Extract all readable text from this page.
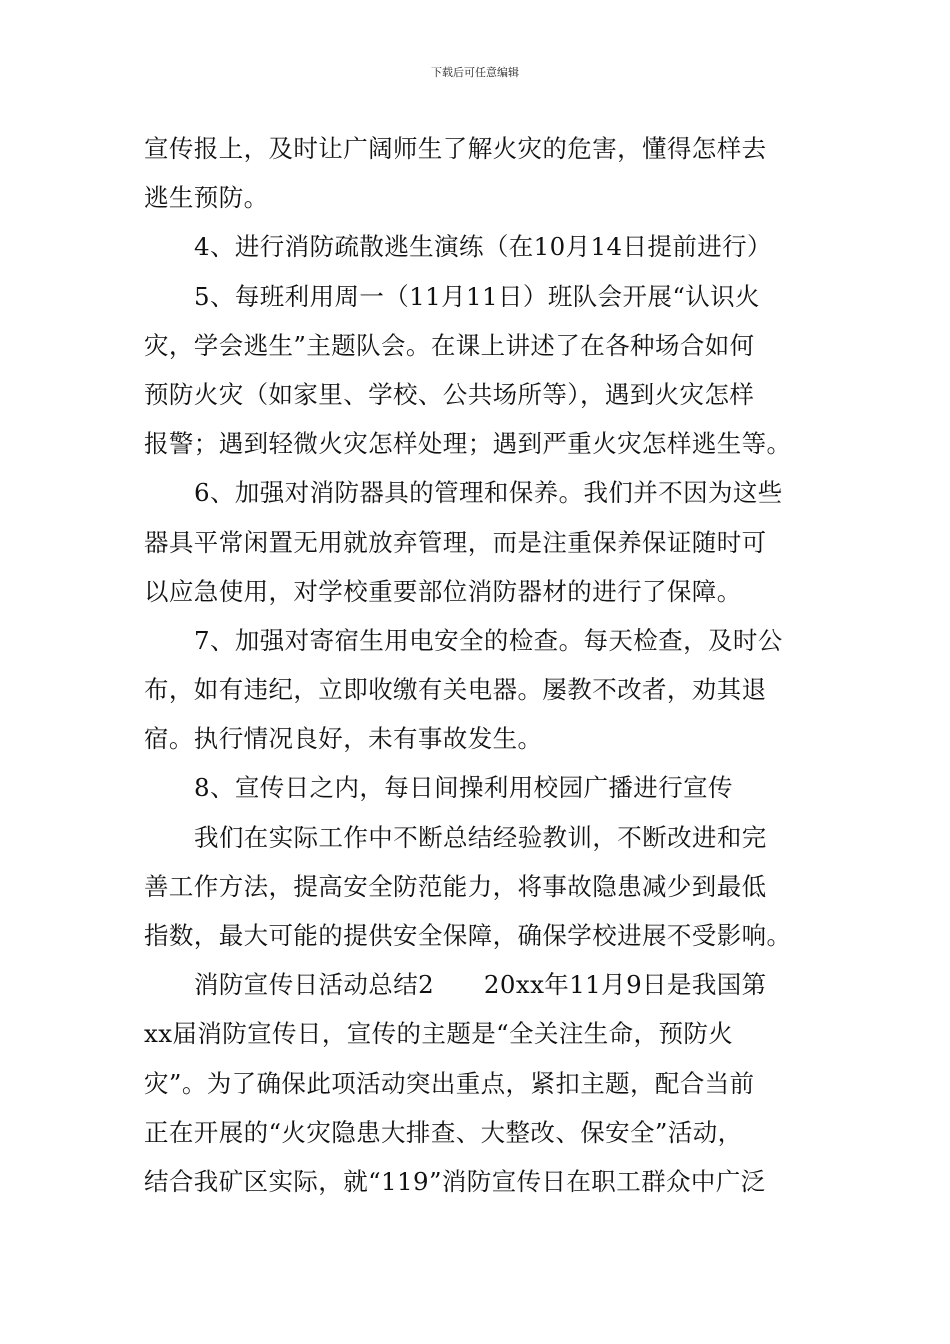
下载后可任意编辑
宣传报上，及时让广阔师生了解火灾的危害，懂得怎样去
逃生预防。
4、进行消防疏散逃生演练（在10月14日提前进行）
5、每班利用周一（11月11日）班队会开展“认识火
灾，学会逃生”主题队会。在课上讲述了在各种场合如何
预防火灾（如家里、学校、公共场所等），遇到火灾怎样
报警；遇到轻微火灾怎样处理；遇到严重火灾怎样逃生等。
6、加强对消防器具的管理和保养。我们并不因为这些
器具平常闲置无用就放弃管理，而是注重保养保证随时可
以应急使用，对学校重要部位消防器材的进行了保障。
7、加强对寄宿生用电安全的检查。每天检查，及时公
布，如有违纪，立即收缴有关电器。屡教不改者，劝其退
宿。执行情况良好，未有事故发生。
8、宣传日之内，每日间操利用校园广播进行宣传
我们在实际工作中不断总结经验教训，不断改进和完
善工作方法，提高安全防范能力，将事故隐患减少到最低
指数，最大可能的提供安全保障，确保学校进展不受影响。
消防宣传日活动总结2　　20xx年11月9日是我国第
xx届消防宣传日，宣传的主题是“全关注生命，预防火
灾”。为了确保此项活动突出重点，紧扣主题，配合当前
正在开展的“火灾隐患大排查、大整改、保安全”活动，
结合我矿区实际，就“119”消防宣传日在职工群众中广泛
